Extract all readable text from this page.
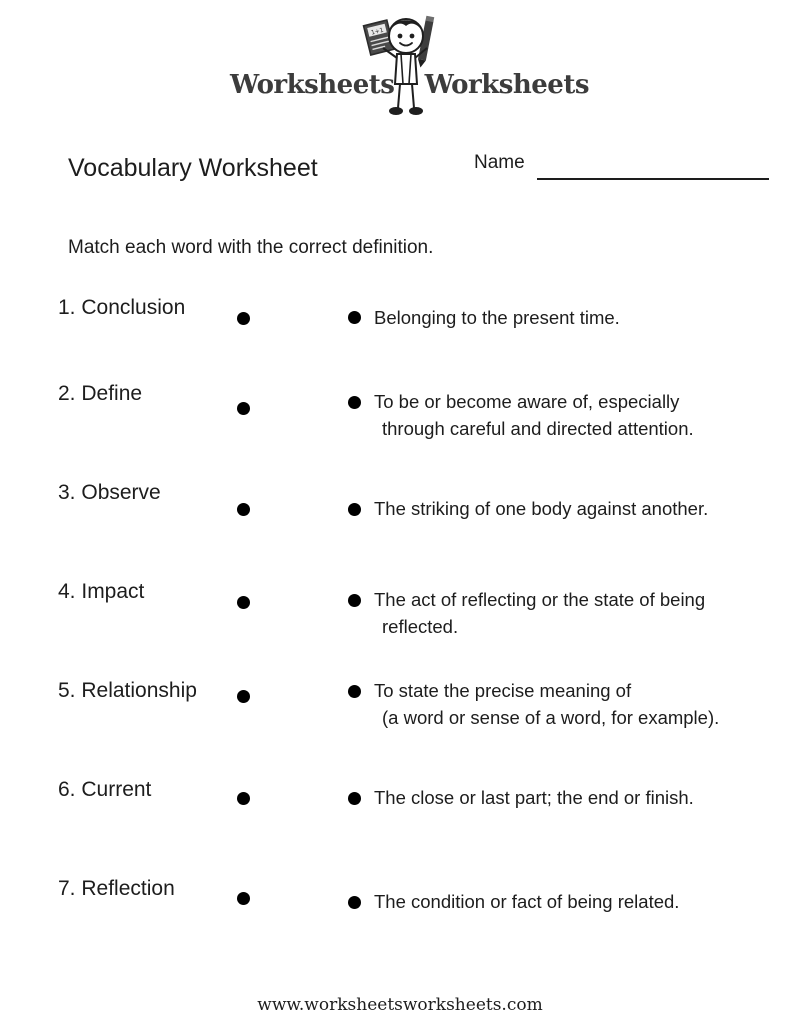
Worksheets Worksheets
1+1
Vocabulary Worksheet	Name
Match each word with the correct definition.
1. Conclusion
2. Define
3. Observe
4. Impact
5. Relationship
6. Current
7. Reflection
Belonging to the present time.
To be or become aware of, especially
through careful and directed attention.
The striking of one body against another.
The act of reflecting or the state of being
reflected.
To state the precise meaning of
(a word or sense of a word, for example).
The close or last part; the end or finish.
The condition or fact of being related.
www.worksheetsworksheets.com
